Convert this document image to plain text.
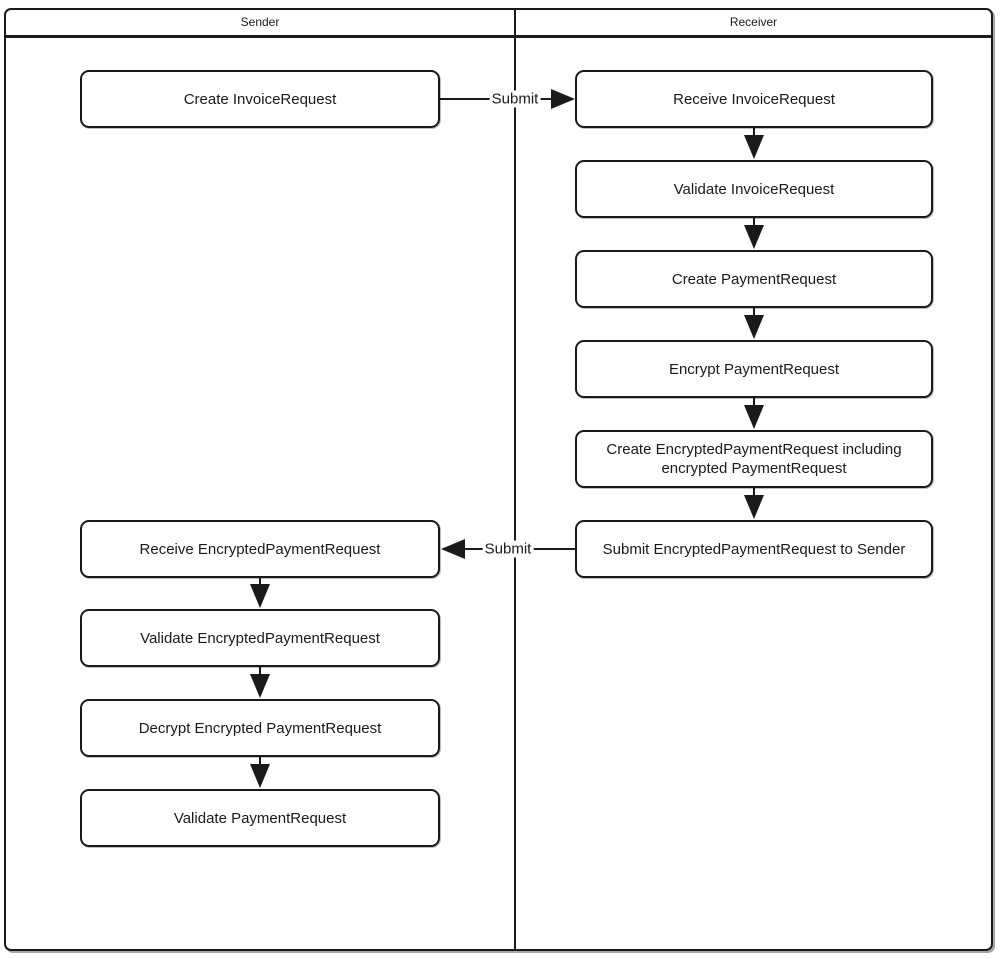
Sender	Receiver
Create InvoiceRequest
Receive EncryptedPaymentRequest
Validate EncryptedPaymentRequest
Decrypt Encrypted PaymentRequest
Validate PaymentRequest
Receive InvoiceRequest
Validate InvoiceRequest
Create PaymentRequest
Encrypt PaymentRequest
Create EncryptedPaymentRequest including encrypted PaymentRequest
Submit EncryptedPaymentRequest to Sender
Submit
Submit
